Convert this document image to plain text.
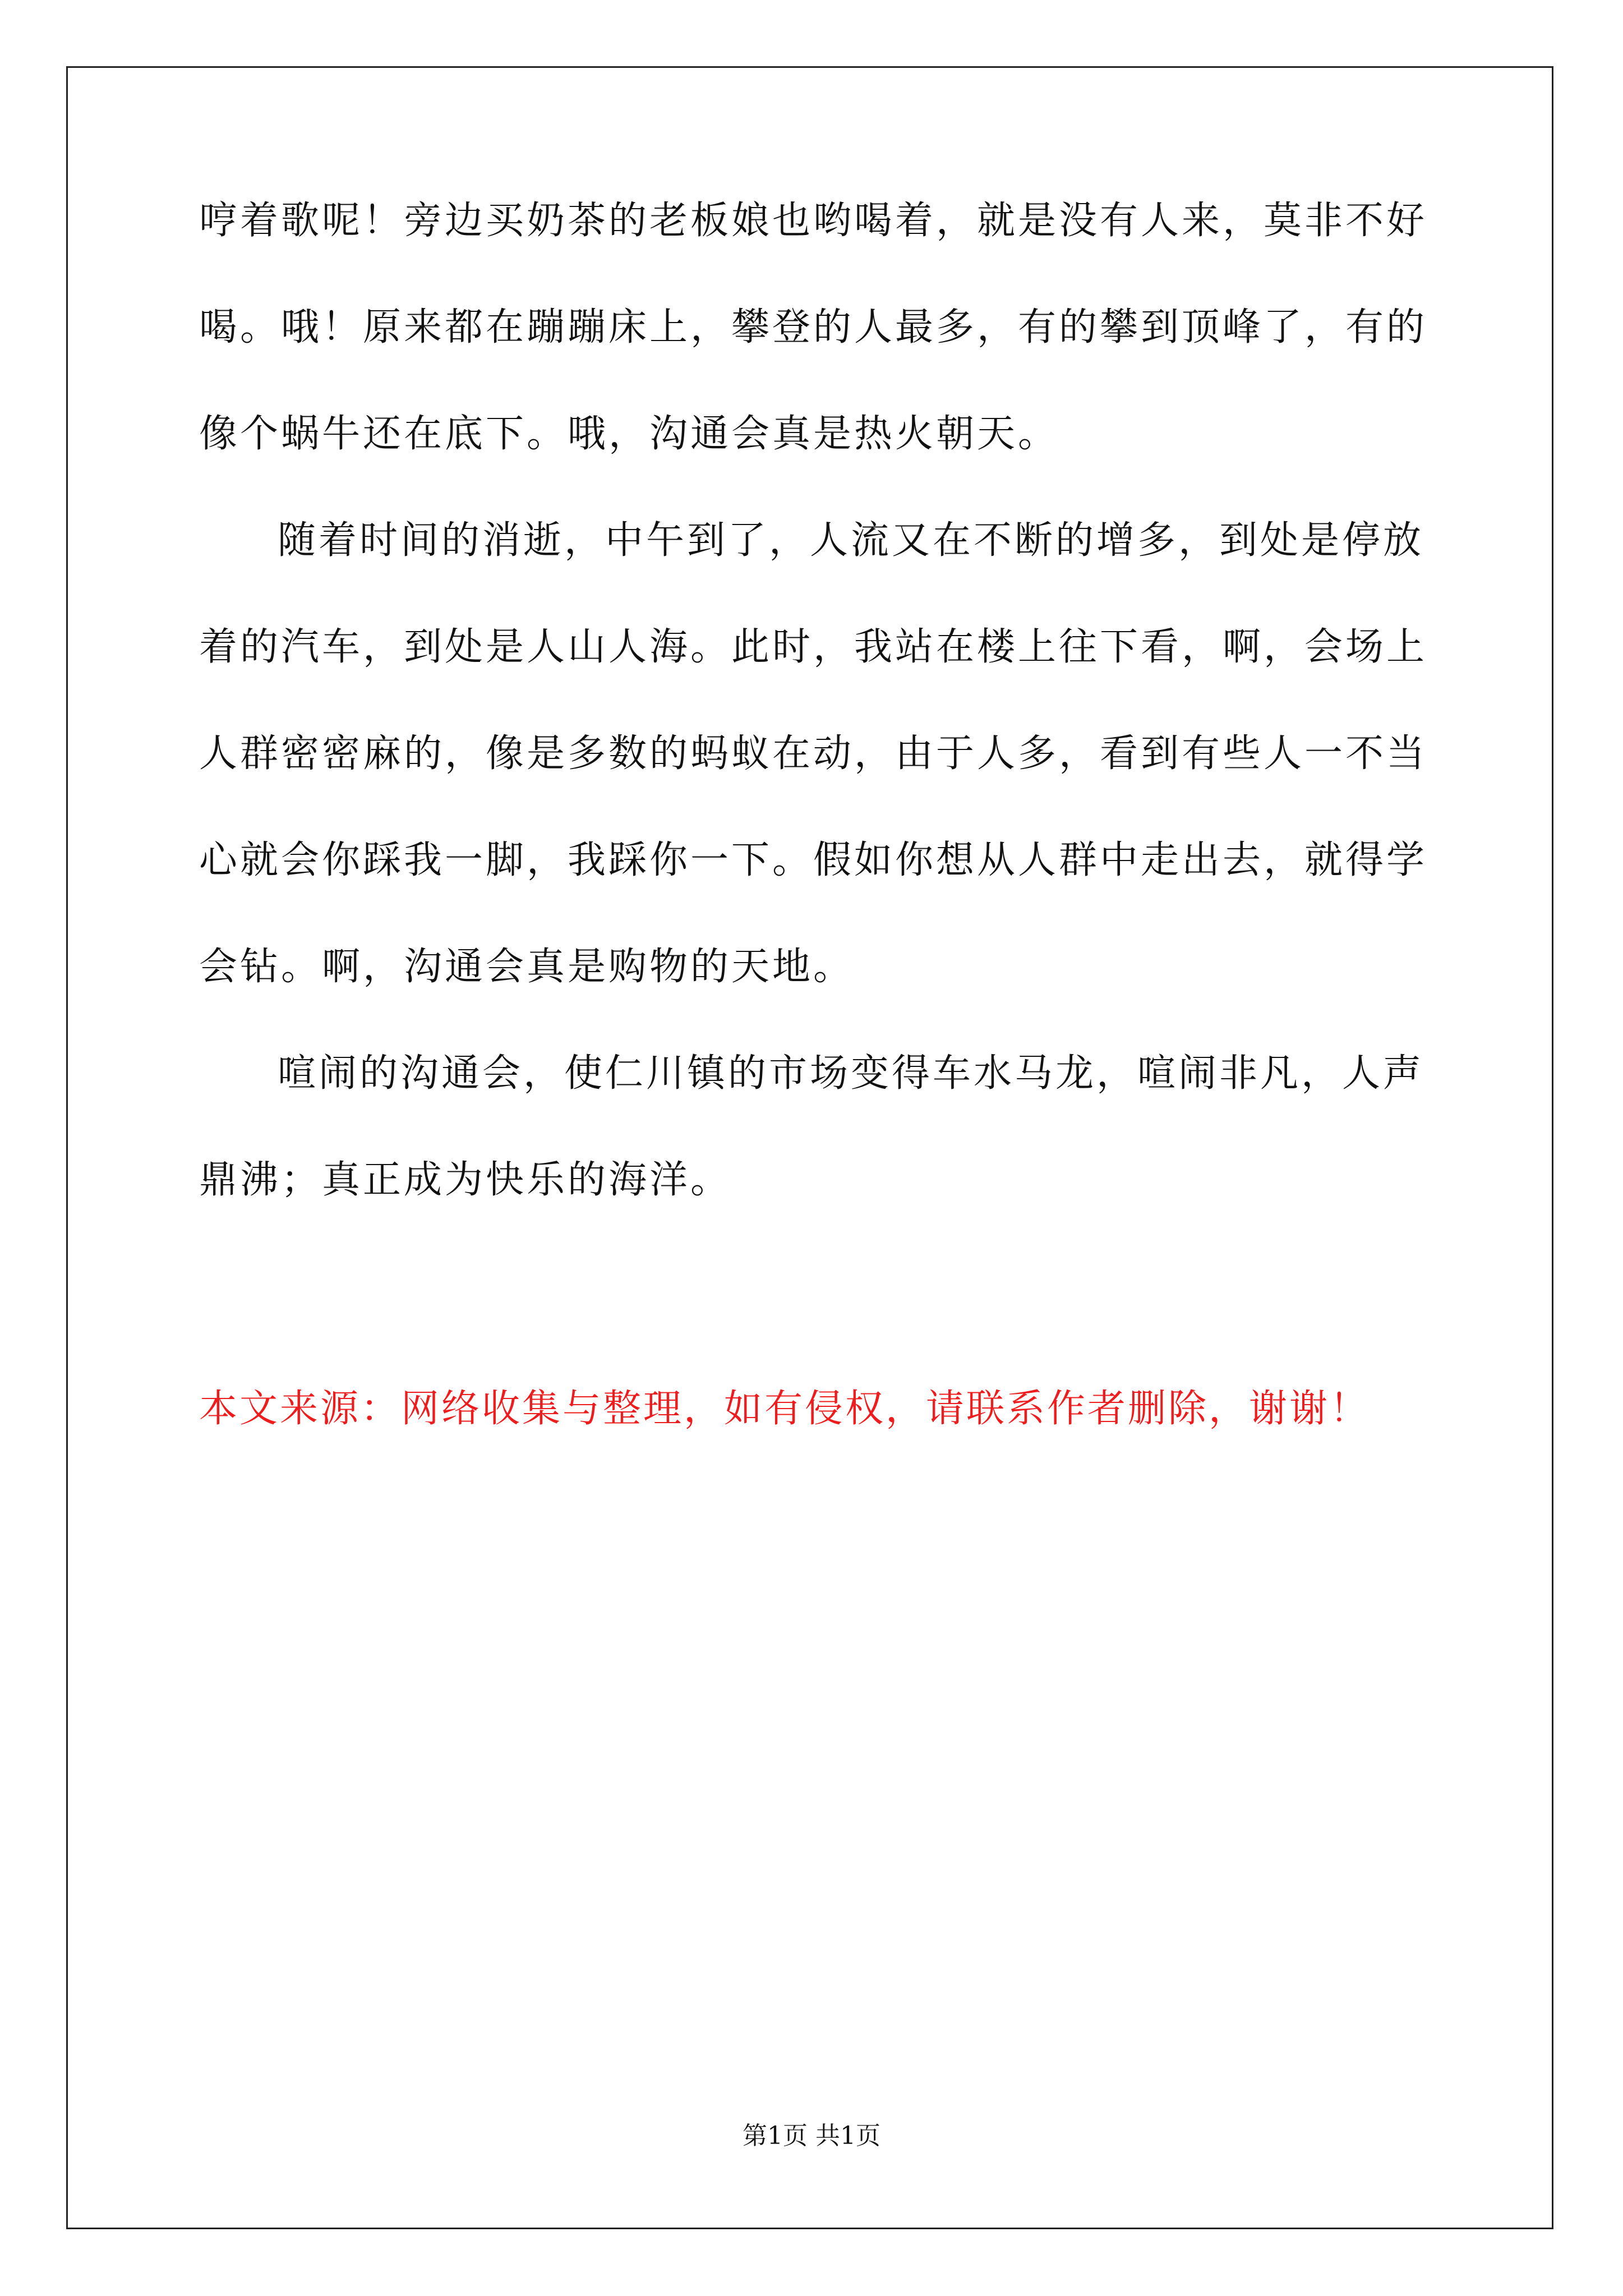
哼着歌呢！旁边买奶茶的老板娘也哟喝着，就是没有人来，莫非不好
喝。哦！原来都在蹦蹦床上，攀登的人最多，有的攀到顶峰了，有的
像个蜗牛还在底下。哦，沟通会真是热火朝天。
随着时间的消逝，中午到了，人流又在不断的增多，到处是停放
着的汽车，到处是人山人海。此时，我站在楼上往下看，啊，会场上
人群密密麻的，像是多数的蚂蚁在动，由于人多，看到有些人一不当
心就会你踩我一脚，我踩你一下。假如你想从人群中走出去，就得学
会钻。啊，沟通会真是购物的天地。
喧闹的沟通会，使仁川镇的市场变得车水马龙，喧闹非凡，人声
鼎沸；真正成为快乐的海洋。
本文来源：网络收集与整理，如有侵权，请联系作者删除，谢谢！
第1页 共1页
